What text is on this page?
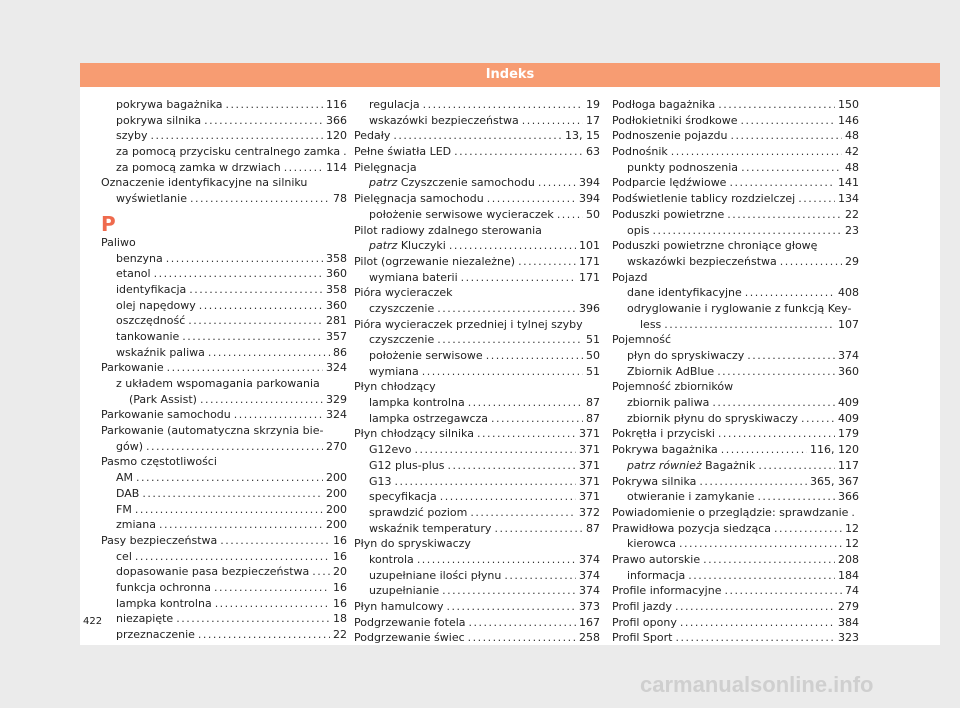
Indeks
pokrywa bagażnika .....	116
pokrywa silnika .....	366
szyby .....	120
za pomocą przycisku centralnego zamka
.....
za pomocą zamka w drzwiach .....	114
Oznaczenie identyfikacyjne na silniku
wyświetlanie .....	78
P
Paliwo
benzyna .....	358
etanol .....	360
identyfikacja .....	358
olej napędowy .....	360
oszczędność .....	281
tankowanie .....	357
wskaźnik paliwa .....	86
Parkowanie .....	324
z układem wspomagania parkowania
(Park Assist) .....	329
Parkowanie samochodu .....	324
Parkowanie (automatyczna skrzynia bie-
gów) .....	270
Pasmo częstotliwości
AM .....	200
DAB .....	200
FM .....	200
zmiana .....	200
Pasy bezpieczeństwa .....	16
cel .....	16
dopasowanie pasa bezpieczeństwa ..... 20
funkcja ochronna .....	16
lampka kontrolna .....	16
niezapięte .....	18
przeznaczenie .....	22
regulacja .....	19
wskazówki bezpieczeństwa .....	17
Pedały .....	13, 15
Pełne światła LED .....	63
Pielęgnacja
patrz Czyszczenie samochodu .....	394
Pielęgnacja samochodu .....	394
położenie serwisowe wycieraczek .....	50
Pilot radiowy zdalnego sterowania
patrz Kluczyki .....	101
Pilot (ogrzewanie niezależne) .....	171
wymiana baterii .....	171
Pióra wycieraczek
czyszczenie .....	396
Pióra wycieraczek przedniej i tylnej szyby
czyszczenie .....	51
położenie serwisowe .....	50
wymiana .....	51
Płyn chłodzący
lampka kontrolna .....	87
lampka ostrzegawcza .....	87
Płyn chłodzący silnika .....	371
G12evo .....	371
G12 plus-plus .....	371
G13 .....	371
specyfikacja .....	371
sprawdzić poziom .....	372
wskaźnik temperatury .....	87
Płyn do spryskiwaczy
kontrola .....	374
uzupełniane ilości płynu .....	374
uzupełnianie .....	374
Płyn hamulcowy .....	373
Podgrzewanie fotela .....	167
Podgrzewanie świec .....	258
Podłoga bagażnika .....	150
Podłokietniki środkowe .....	146
Podnoszenie pojazdu .....	48
Podnośnik .....	42
punkty podnoszenia .....	48
Podparcie lędźwiowe .....	141
Podświetlenie tablicy rozdzielczej .....	134
Poduszki powietrzne .....	22
opis .....	23
Poduszki powietrzne chroniące głowę
wskazówki bezpieczeństwa .....	29
Pojazd
dane identyfikacyjne .....	408
odryglowanie i ryglowanie z funkcją Key-
less .....	107
Pojemność
płyn do spryskiwaczy .....	374
Zbiornik AdBlue .....	360
Pojemność zbiorników
zbiornik paliwa .....	409
zbiornik płynu do spryskiwaczy .....	409
Pokrętła i przyciski .....	179
Pokrywa bagażnika .....	116, 120
patrz również Bagażnik .....	117
Pokrywa silnika .....	365, 367
otwieranie i zamykanie .....	366
Powiadomienie o przeglądzie: sprawdzanie
.....
Prawidłowa pozycja siedząca .....	12
kierowca .....	12
Prawo autorskie .....	208
informacja .....	184
Profile informacyjne .....	74
Profil jazdy .....	279
Profil opony .....	384
Profil Sport .....	323
422
carmanualsonline.info
